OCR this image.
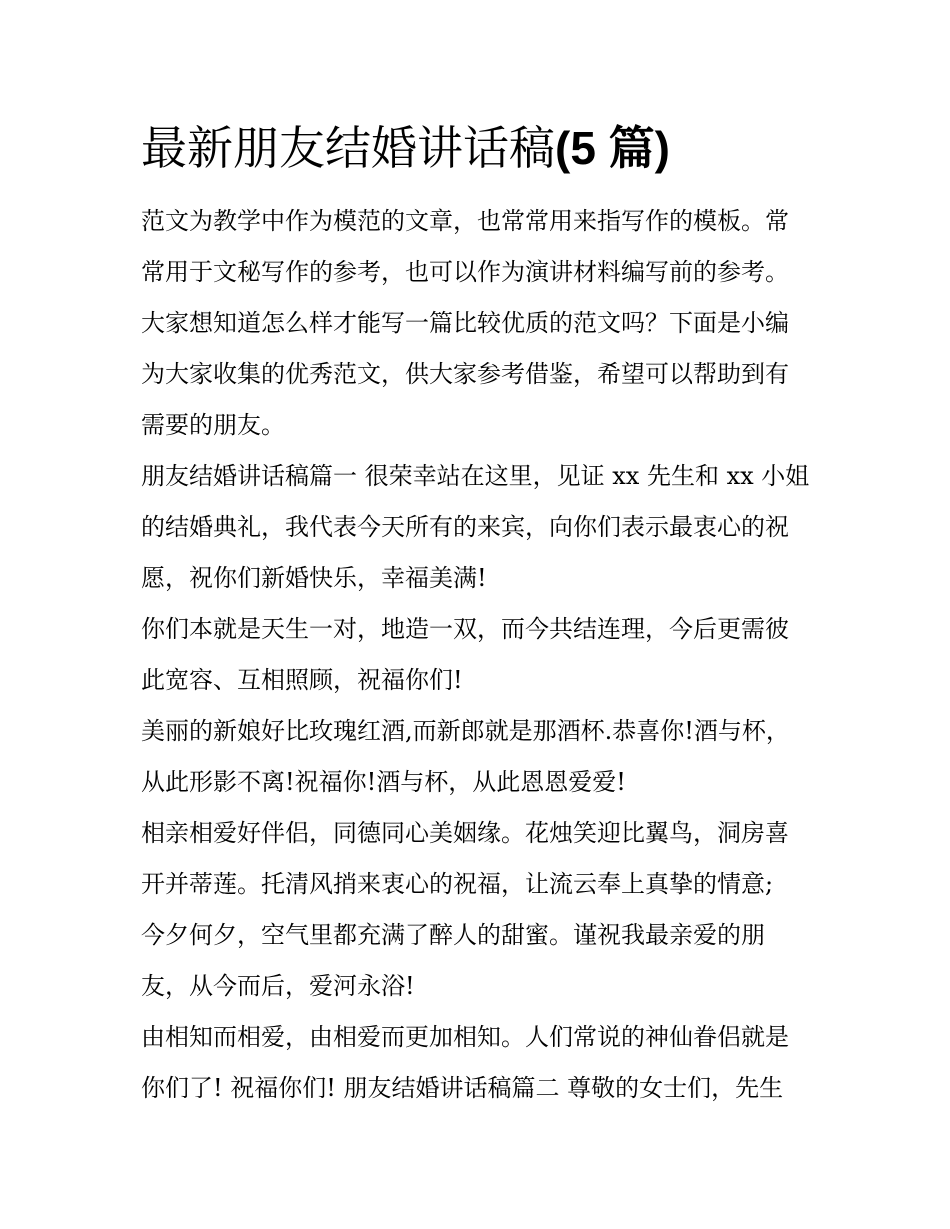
最新朋友结婚讲话稿(5 篇)
范文为教学中作为模范的文章，也常常用来指写作的模板。常
常用于文秘写作的参考，也可以作为演讲材料编写前的参考。
大家想知道怎么样才能写一篇比较优质的范文吗？下面是小编
为大家收集的优秀范文，供大家参考借鉴，希望可以帮助到有
需要的朋友。
朋友结婚讲话稿篇一 很荣幸站在这里，见证 xx 先生和 xx 小姐
的结婚典礼，我代表今天所有的来宾，向你们表示最衷心的祝
愿，祝你们新婚快乐，幸福美满!
你们本就是天生一对，地造一双，而今共结连理，今后更需彼
此宽容、互相照顾，祝福你们!
美丽的新娘好比玫瑰红酒,而新郎就是那酒杯.恭喜你!酒与杯，
从此形影不离!祝福你!酒与杯，从此恩恩爱爱!
相亲相爱好伴侣，同德同心美姻缘。花烛笑迎比翼鸟，洞房喜
开并蒂莲。托清风捎来衷心的祝福，让流云奉上真挚的情意;
今夕何夕，空气里都充满了醉人的甜蜜。谨祝我最亲爱的朋
友，从今而后，爱河永浴!
由相知而相爱，由相爱而更加相知。人们常说的神仙眷侣就是
你们了! 祝福你们! 朋友结婚讲话稿篇二 尊敬的女士们，先生
